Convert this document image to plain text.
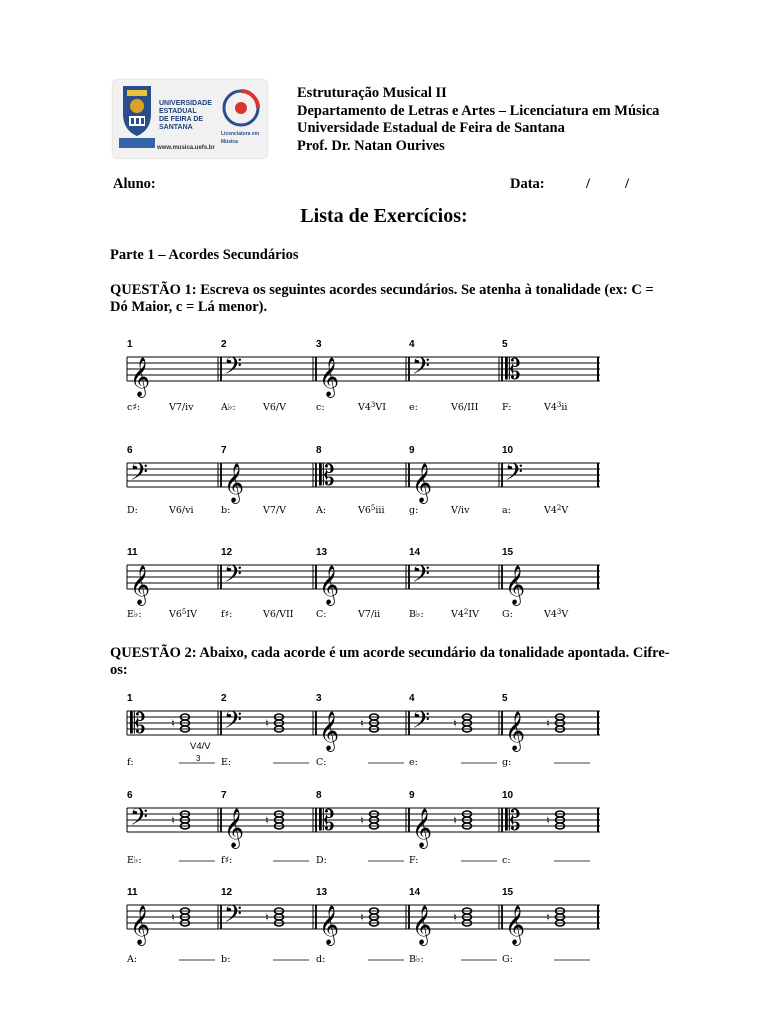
UNIVERSIDADE
ESTADUAL
DE FEIRA DE
SANTANA
www.musica.uefs.br
Licenciatura em Música
Estruturação Musical II
Departamento de Letras e Artes – Licenciatura em Música
Universidade Estadual de Feira de Santana
Prof. Dr. Natan Ourives
Aluno:	Data:	/ /
Lista de Exercícios:
Parte 1 – Acordes Secundários
QUESTÃO 1: Escreva os seguintes acordes secundários. Se atenha à tonalidade (ex: C = Dó Maior, c = Lá menor).
QUESTÃO 2: Abaixo, cada acorde é um acorde secundário da tonalidade apontada. Cifre-os:
1
𝄞
c♯:	V7/iv
2
𝄢
A♭:	V6/V
3
𝄞
c:	$V4^3VI$
4
𝄢
e:	V6/III
5
𝄡
F:	$V4^3ii$
6
𝄢
D:	V6/vi
7
𝄞
b:	V7/V
8
𝄡
A:	$V6^5iii$
9
𝄞
g:	V/iv
10
𝄢
a:	$V4^2V$
11
𝄞
E♭:	$V6^5IV$
12
𝄢
f♯:	V6/VII
13
𝄞
C:	V7/ii
14
𝄢
B♭:	$V4^2IV$
15
𝄞
G:	$V4^3V$
1
𝄡
f:
♮
2
𝄢
E:
♮
3
𝄞
C:
♮
4
𝄢
e:
♮
5
𝄞
g:
♮
6
𝄢
E♭:
♮
7
𝄞
f♯:
♮
8
𝄡
D:
♮
9
𝄞
F:
♮
10
𝄡
c:
♮
11
𝄞
A:
♮
12
𝄢
b:
♮
13
𝄞
d:
♮
14
𝄞
B♭:
♮
15
𝄞
G:
♮
V4/V
3
